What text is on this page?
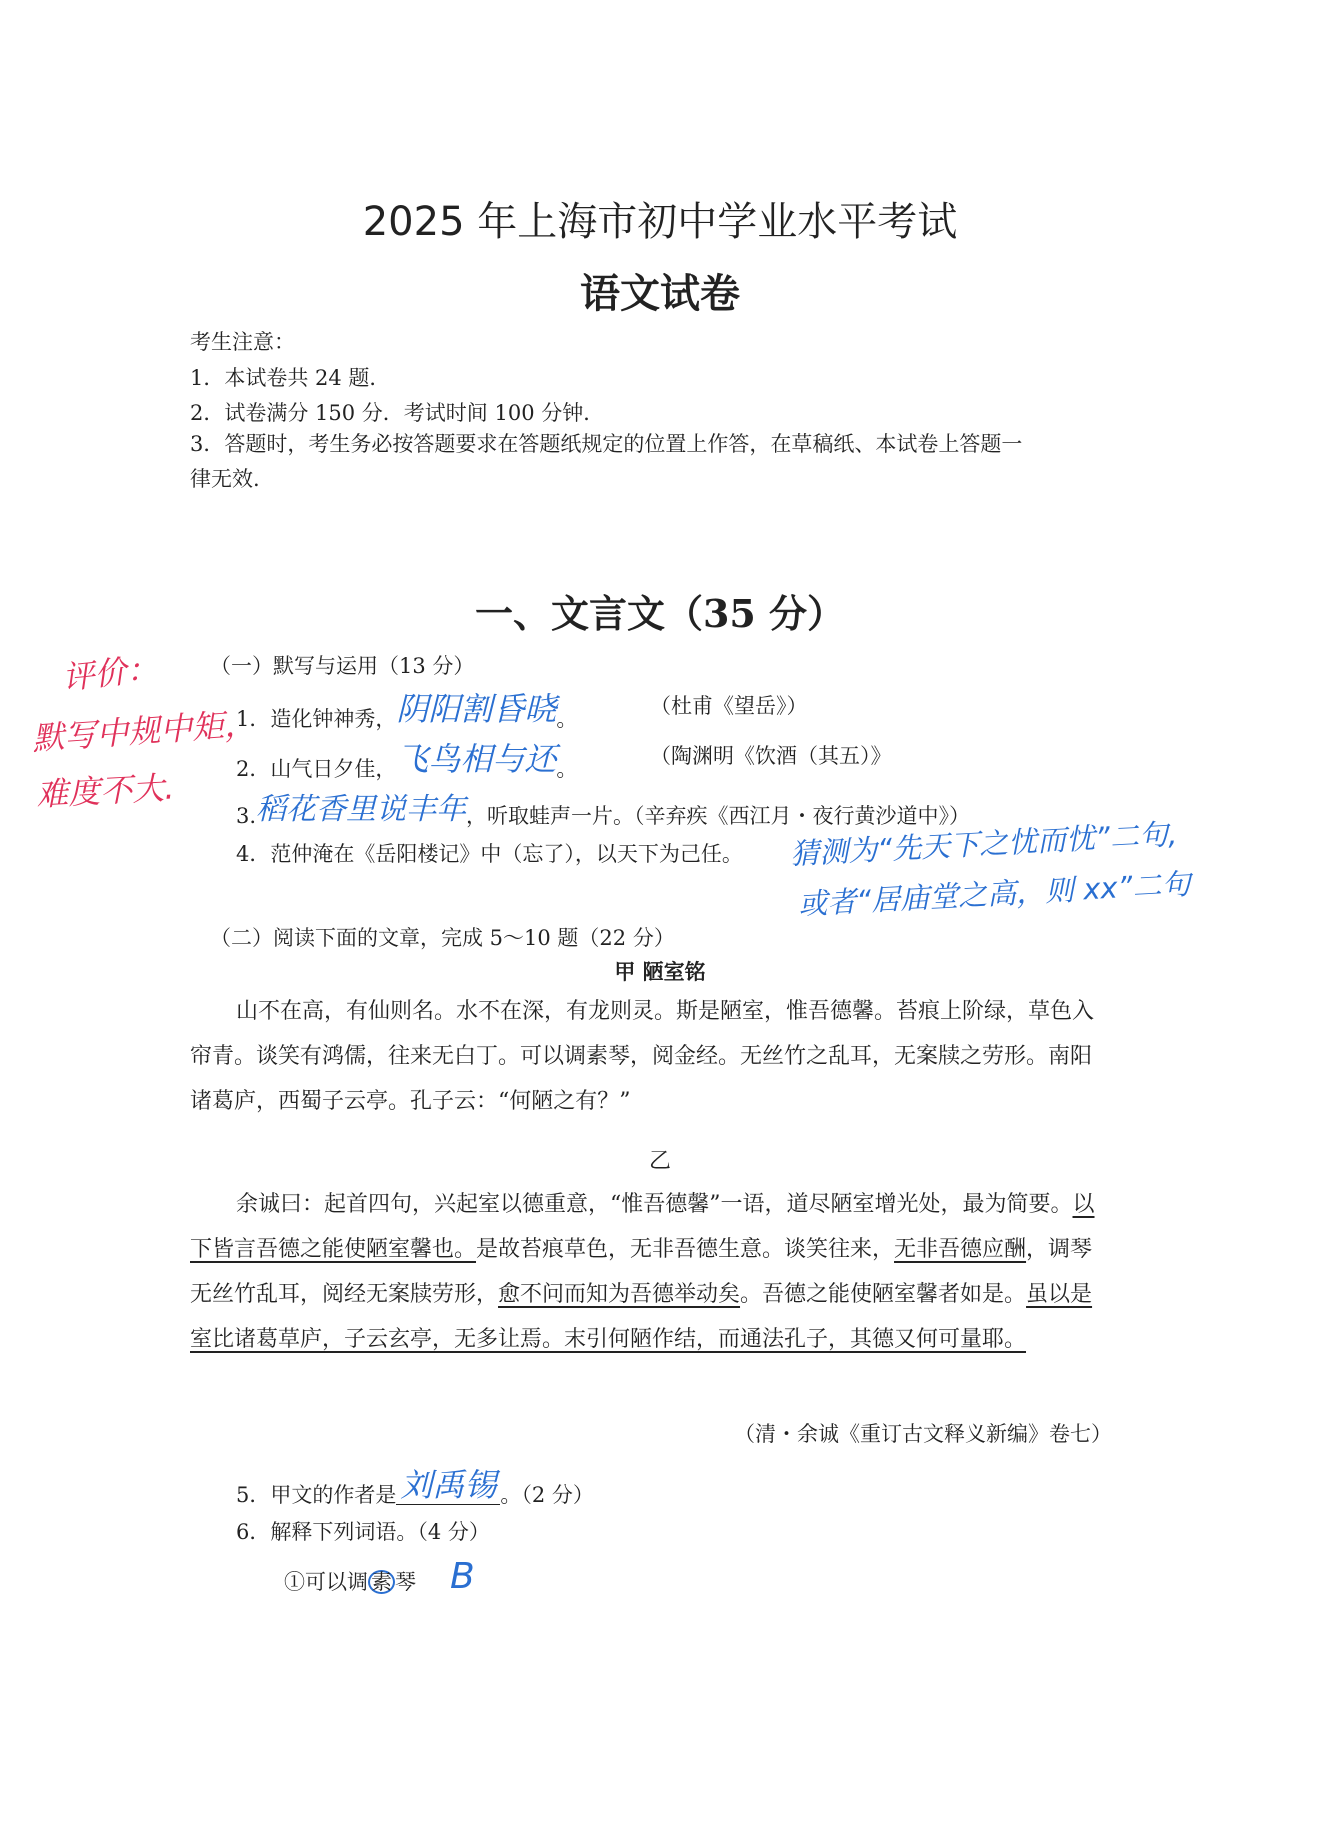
2025 年上海市初中学业水平考试
语文试卷
考生注意：
1．本试卷共 24 题．
2．试卷满分 150 分．考试时间 100 分钟．
3．答题时，考生务必按答题要求在答题纸规定的位置上作答，在草稿纸、本试卷上答题一
律无效.
一、文言文（35 分）
（一）默写与运用（13 分）
评价：
默写中规中矩，
难度不大.
1．造化钟神秀，阴阳割昏晓。
（杜甫《望岳》）
2．山气日夕佳，飞鸟相与还。
（陶渊明《饮酒（其五）》
3.稻花香里说丰年，听取蛙声一片。（辛弃疾《西江月・夜行黄沙道中》）
4．范仲淹在《岳阳楼记》中（忘了），以天下为己任。 猜测为“先天下之忧而忧”二句,
或者“居庙堂之高，则 xx”二句
（二）阅读下面的文章，完成 5～10 题（22 分）
甲 陋室铭

山不在高，有仙则名。水不在深，有龙则灵。斯是陋室，惟吾德馨。苔痕上阶绿，草色入帘青。谈笑有鸿儒，往来无白丁。可以调素琴，阅金经。无丝竹之乱耳，无案牍之劳形。南阳诸葛庐，西蜀子云亭。孔子云：“何陋之有？”

乙

余诚曰：起首四句，兴起室以德重意，“惟吾德馨”一语，道尽陋室增光处，最为简要。以下皆言吾德之能使陋室馨也。是故苔痕草色，无非吾德生意。谈笑往来，无非吾德应酬，调琴无丝竹乱耳，阅经无案牍劳形，愈不问而知为吾德举动矣。吾德之能使陋室馨者如是。虽以是室比诸葛草庐，子云玄亭，无多让焉。末引何陋作结，而通法孔子，其德又何可量耶。

（清・余诚《重订古文释义新编》卷七）
5．甲文的作者是 刘禹锡 。（2 分）
6．解释下列词语。（4 分）
①可以调 素 琴 B
